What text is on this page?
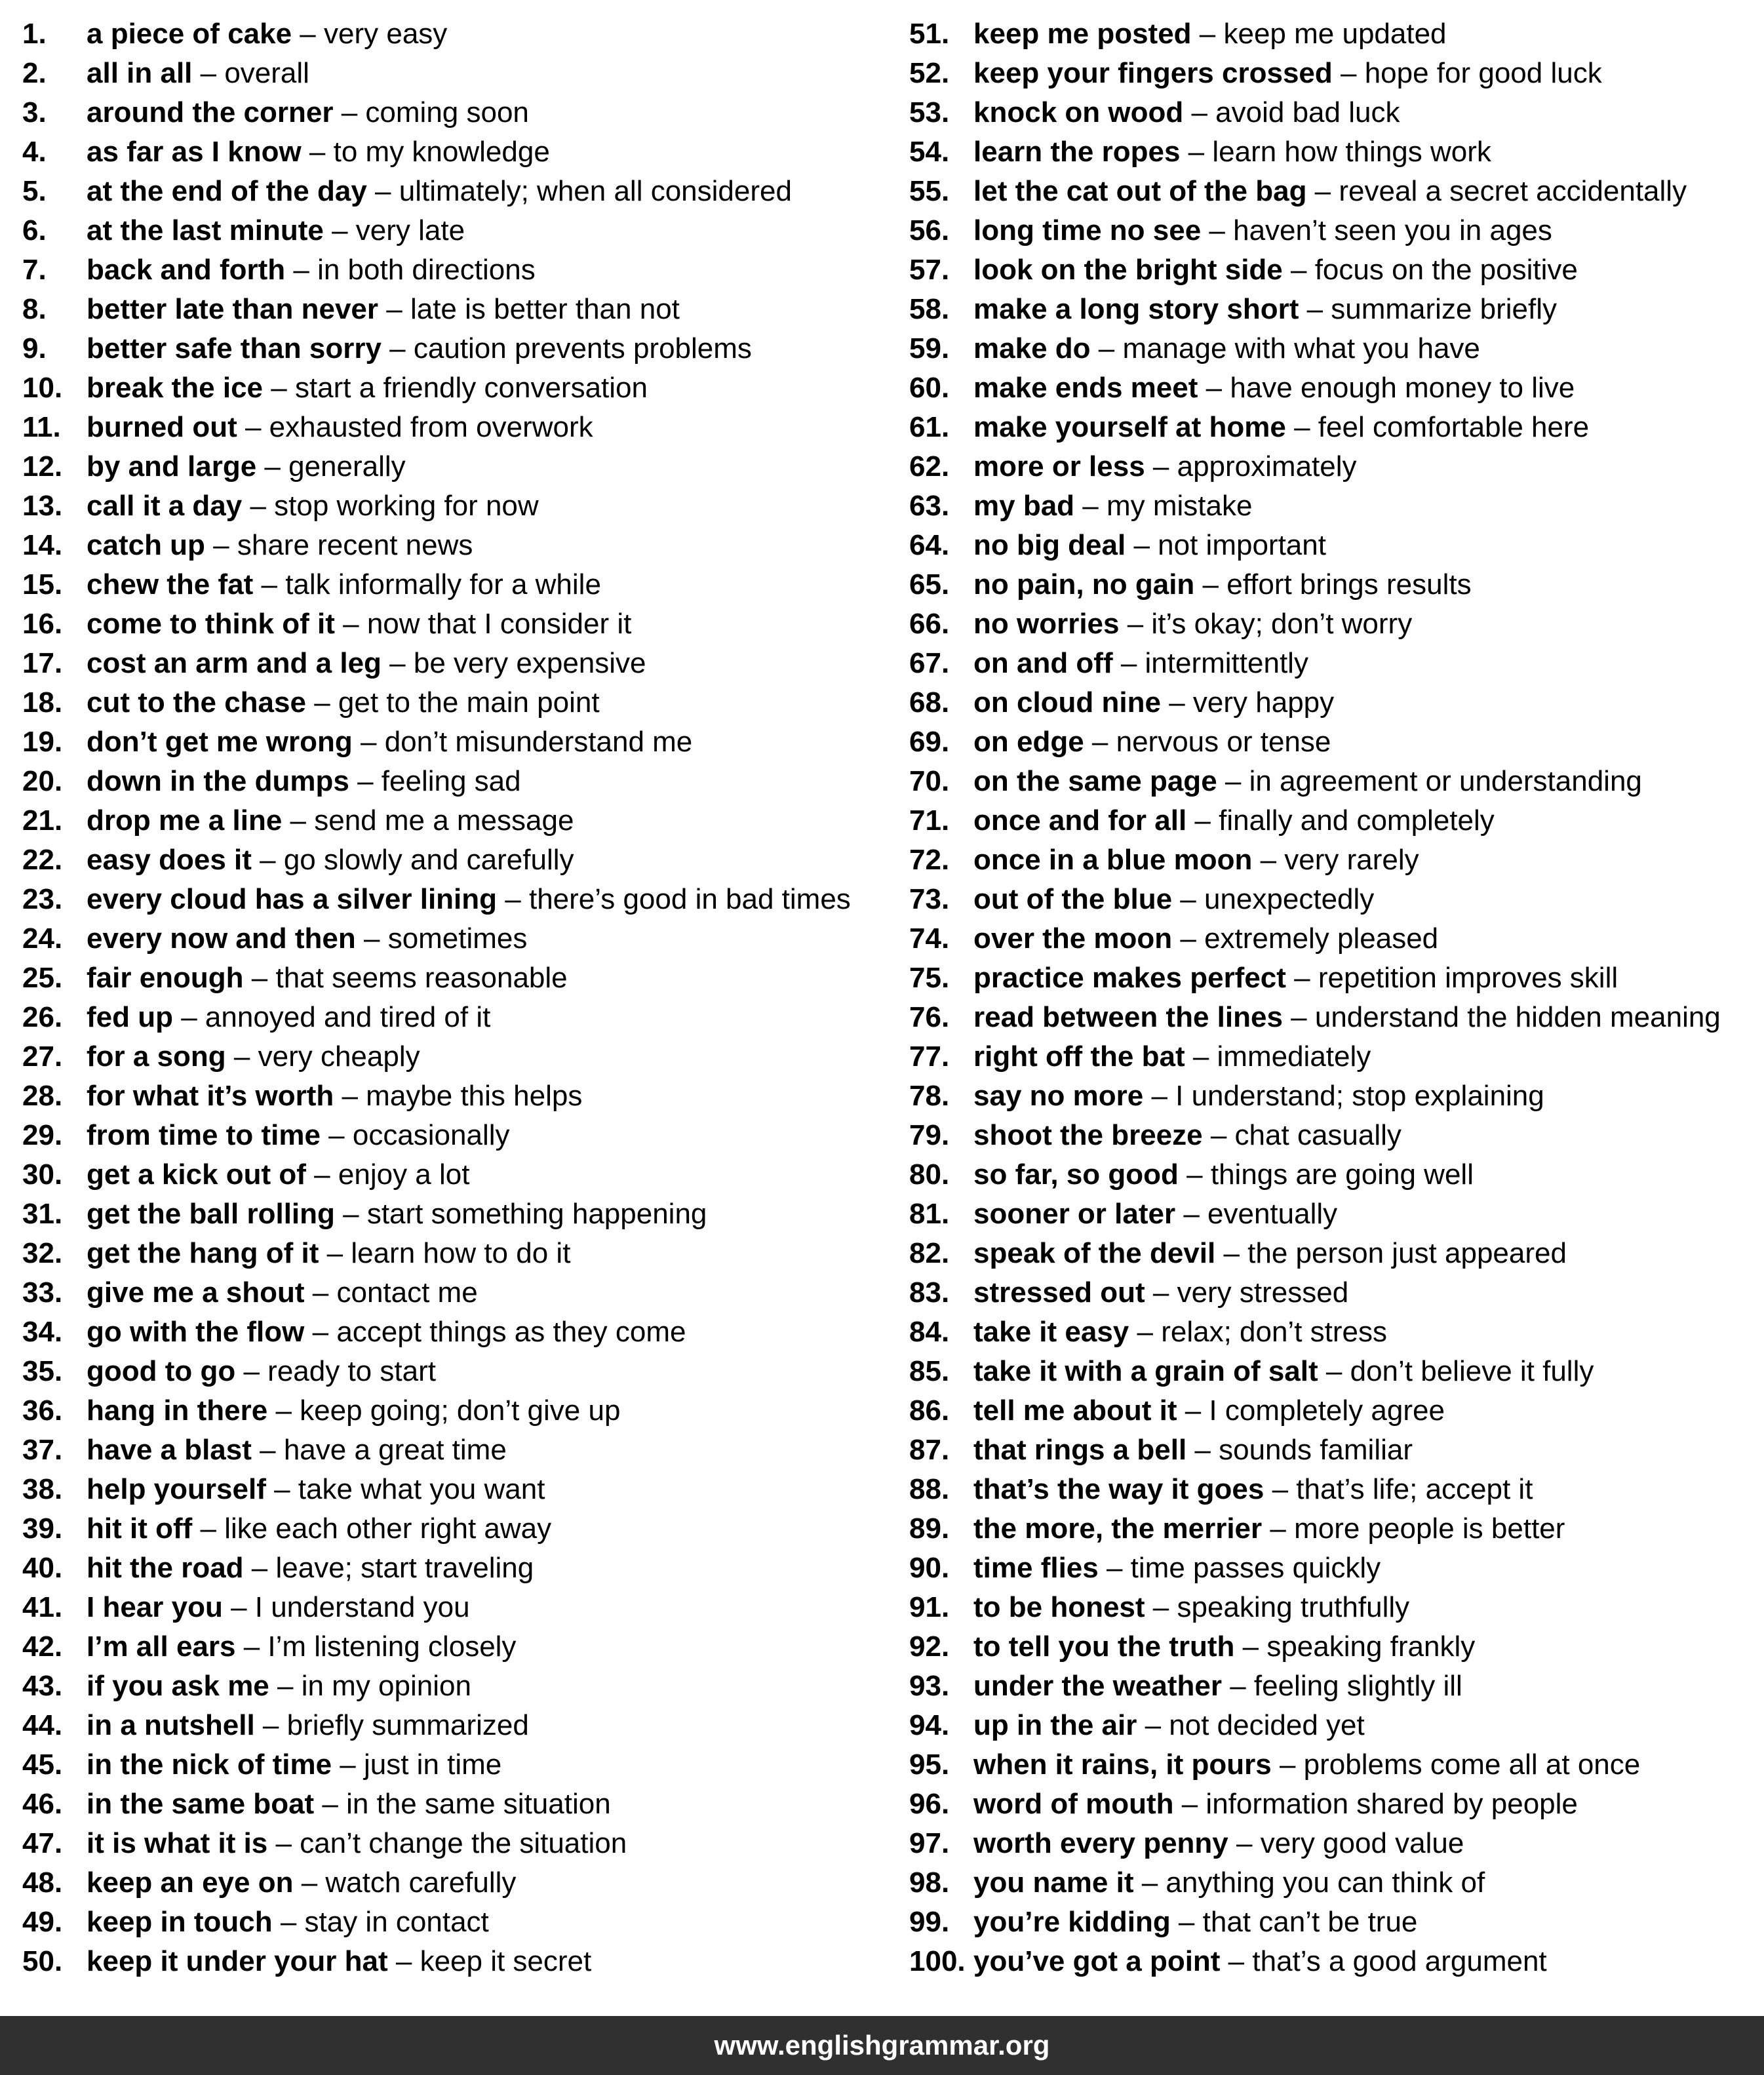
1.	a piece of cake – very easy
2.	all in all – overall
3.	around the corner – coming soon
4.	as far as I know – to my knowledge
5.	at the end of the day – ultimately; when all considered
6.	at the last minute – very late
7.	back and forth – in both directions
8.	better late than never – late is better than not
9.	better safe than sorry – caution prevents problems
10. break the ice – start a friendly conversation
11. burned out – exhausted from overwork
12. by and large – generally
13. call it a day – stop working for now
14. catch up – share recent news
15. chew the fat – talk informally for a while
16. come to think of it – now that I consider it
17. cost an arm and a leg – be very expensive
18. cut to the chase – get to the main point
19. don’t get me wrong – don’t misunderstand me
20. down in the dumps – feeling sad
21. drop me a line – send me a message
22. easy does it – go slowly and carefully
23. every cloud has a silver lining – there’s good in bad times
24. every now and then – sometimes
25. fair enough – that seems reasonable
26. fed up – annoyed and tired of it
27. for a song – very cheaply
28. for what it’s worth – maybe this helps
29. from time to time – occasionally
30. get a kick out of – enjoy a lot
31. get the ball rolling – start something happening
32. get the hang of it – learn how to do it
33. give me a shout – contact me
34. go with the flow – accept things as they come
35. good to go – ready to start
36. hang in there – keep going; don’t give up
37. have a blast – have a great time
38. help yourself – take what you want
39. hit it off – like each other right away
40. hit the road – leave; start traveling
41. I hear you – I understand you
42. I’m all ears – I’m listening closely
43. if you ask me – in my opinion
44. in a nutshell – briefly summarized
45. in the nick of time – just in time
46. in the same boat – in the same situation
47. it is what it is – can’t change the situation
48. keep an eye on – watch carefully
49. keep in touch – stay in contact
50. keep it under your hat – keep it secret
51. keep me posted – keep me updated
52. keep your fingers crossed – hope for good luck
53. knock on wood – avoid bad luck
54. learn the ropes – learn how things work
55. let the cat out of the bag – reveal a secret accidentally
56. long time no see – haven’t seen you in ages
57. look on the bright side – focus on the positive
58. make a long story short – summarize briefly
59. make do – manage with what you have
60. make ends meet – have enough money to live
61. make yourself at home – feel comfortable here
62. more or less – approximately
63. my bad – my mistake
64. no big deal – not important
65. no pain, no gain – effort brings results
66. no worries – it’s okay; don’t worry
67. on and off – intermittently
68. on cloud nine – very happy
69. on edge – nervous or tense
70. on the same page – in agreement or understanding
71. once and for all – finally and completely
72. once in a blue moon – very rarely
73. out of the blue – unexpectedly
74. over the moon – extremely pleased
75. practice makes perfect – repetition improves skill
76. read between the lines – understand the hidden meaning
77. right off the bat – immediately
78. say no more – I understand; stop explaining
79. shoot the breeze – chat casually
80. so far, so good – things are going well
81. sooner or later – eventually
82. speak of the devil – the person just appeared
83. stressed out – very stressed
84. take it easy – relax; don’t stress
85. take it with a grain of salt – don’t believe it fully
86. tell me about it – I completely agree
87. that rings a bell – sounds familiar
88. that’s the way it goes – that’s life; accept it
89. the more, the merrier – more people is better
90. time flies – time passes quickly
91. to be honest – speaking truthfully
92. to tell you the truth – speaking frankly
93. under the weather – feeling slightly ill
94. up in the air – not decided yet
95. when it rains, it pours – problems come all at once
96. word of mouth – information shared by people
97. worth every penny – very good value
98. you name it – anything you can think of
99. you’re kidding – that can’t be true
100. you’ve got a point – that’s a good argument
www.englishgrammar.org
